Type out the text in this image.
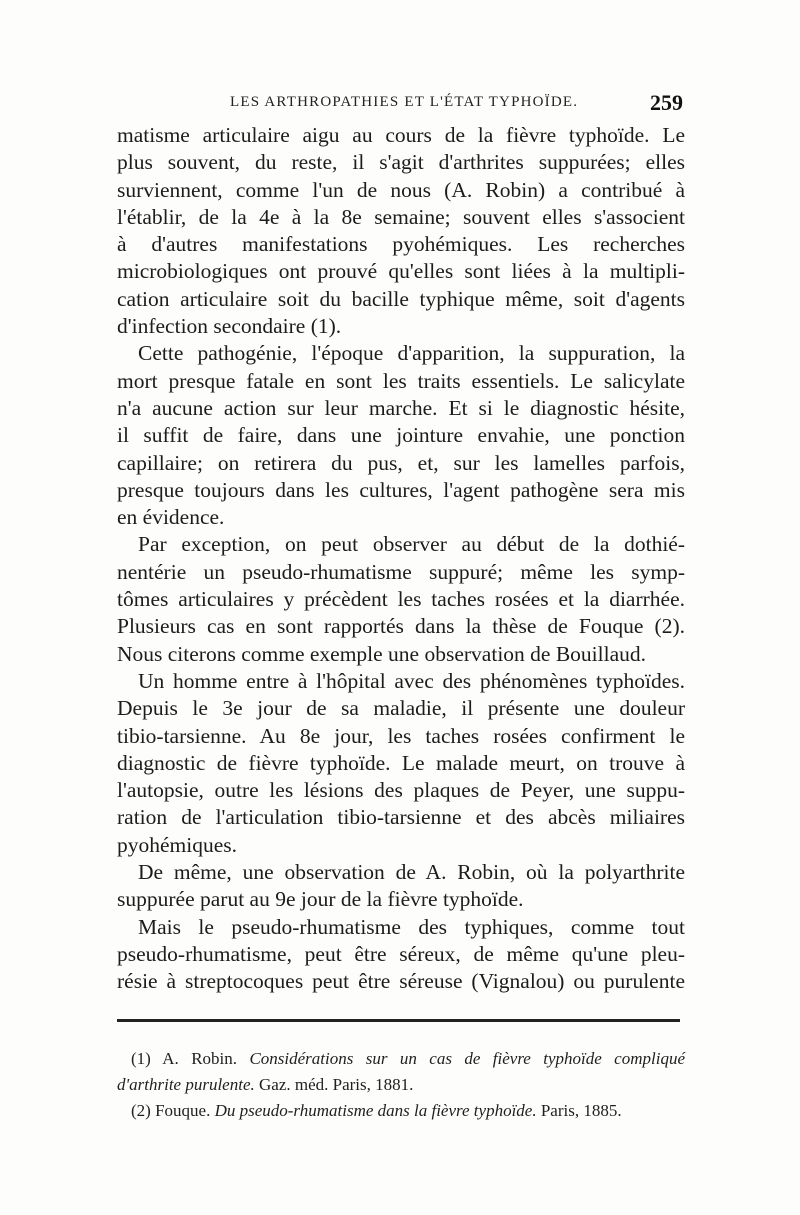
LES ARTHROPATHIES ET L'ÉTAT TYPHOÏDE.	259
matisme articulaire aigu au cours de la fièvre typhoïde. Le
plus souvent, du reste, il s'agit d'arthrites suppurées; elles
surviennent, comme l'un de nous (A. Robin) a contribué à
l'établir, de la 4e à la 8e semaine; souvent elles s'associent
à d'autres manifestations pyohémiques. Les recherches
microbiologiques ont prouvé qu'elles sont liées à la multipli-
cation articulaire soit du bacille typhique même, soit d'agents
d'infection secondaire (1).
Cette pathogénie, l'époque d'apparition, la suppuration, la
mort presque fatale en sont les traits essentiels. Le salicylate
n'a aucune action sur leur marche. Et si le diagnostic hésite,
il suffit de faire, dans une jointure envahie, une ponction
capillaire; on retirera du pus, et, sur les lamelles parfois,
presque toujours dans les cultures, l'agent pathogène sera mis
en évidence.
Par exception, on peut observer au début de la dothié-
nentérie un pseudo-rhumatisme suppuré; même les symp-
tômes articulaires y précèdent les taches rosées et la diarrhée.
Plusieurs cas en sont rapportés dans la thèse de Fouque (2).
Nous citerons comme exemple une observation de Bouillaud.
Un homme entre à l'hôpital avec des phénomènes typhoïdes.
Depuis le 3e jour de sa maladie, il présente une douleur
tibio-tarsienne. Au 8e jour, les taches rosées confirment le
diagnostic de fièvre typhoïde. Le malade meurt, on trouve à
l'autopsie, outre les lésions des plaques de Peyer, une suppu-
ration de l'articulation tibio-tarsienne et des abcès miliaires
pyohémiques.
De même, une observation de A. Robin, où la polyarthrite
suppurée parut au 9e jour de la fièvre typhoïde.
Mais le pseudo-rhumatisme des typhiques, comme tout
pseudo-rhumatisme, peut être séreux, de même qu'une pleu-
résie à streptocoques peut être séreuse (Vignalou) ou purulente
(1) A. Robin. Considérations sur un cas de fièvre typhoïde compliqué
d'arthrite purulente. Gaz. méd. Paris, 1881.
(2) Fouque. Du pseudo-rhumatisme dans la fièvre typhoïde. Paris, 1885.
